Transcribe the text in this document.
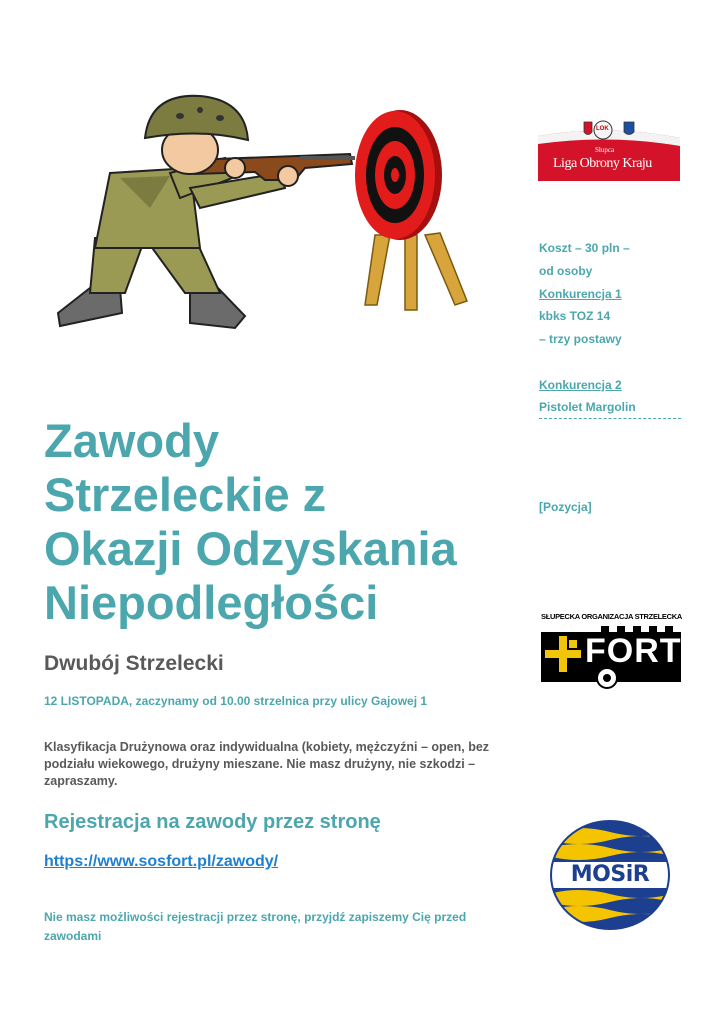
LOK
Słupca
Liga Obrony Kraju
Koszt – 30 pln –
od osoby
Konkurencja 1
kbks TOZ 14
– trzy postawy
Konkurencja 2
Pistolet Margolin
[Pozycja]
Zawody
Strzeleckie z
Okazji Odzyskania
Niepodległości	SŁUPECKA ORGANIZACJA STRZELECKA
FORT
Dwubój Strzelecki
12 LISTOPADA, zaczynamy od 10.00 strzelnica przy ulicy Gajowej 1
Klasyfikacja Drużynowa oraz indywidualna (kobiety, mężczyźni – open, bez podziału wiekowego, drużyny mieszane. Nie masz drużyny, nie szkodzi – zapraszamy.
Rejestracja na zawody przez stronę
https://www.sosfort.pl/zawody/
Nie masz możliwości rejestracji przez stronę, przyjdź zapiszemy Cię przed zawodami
MOSiR
